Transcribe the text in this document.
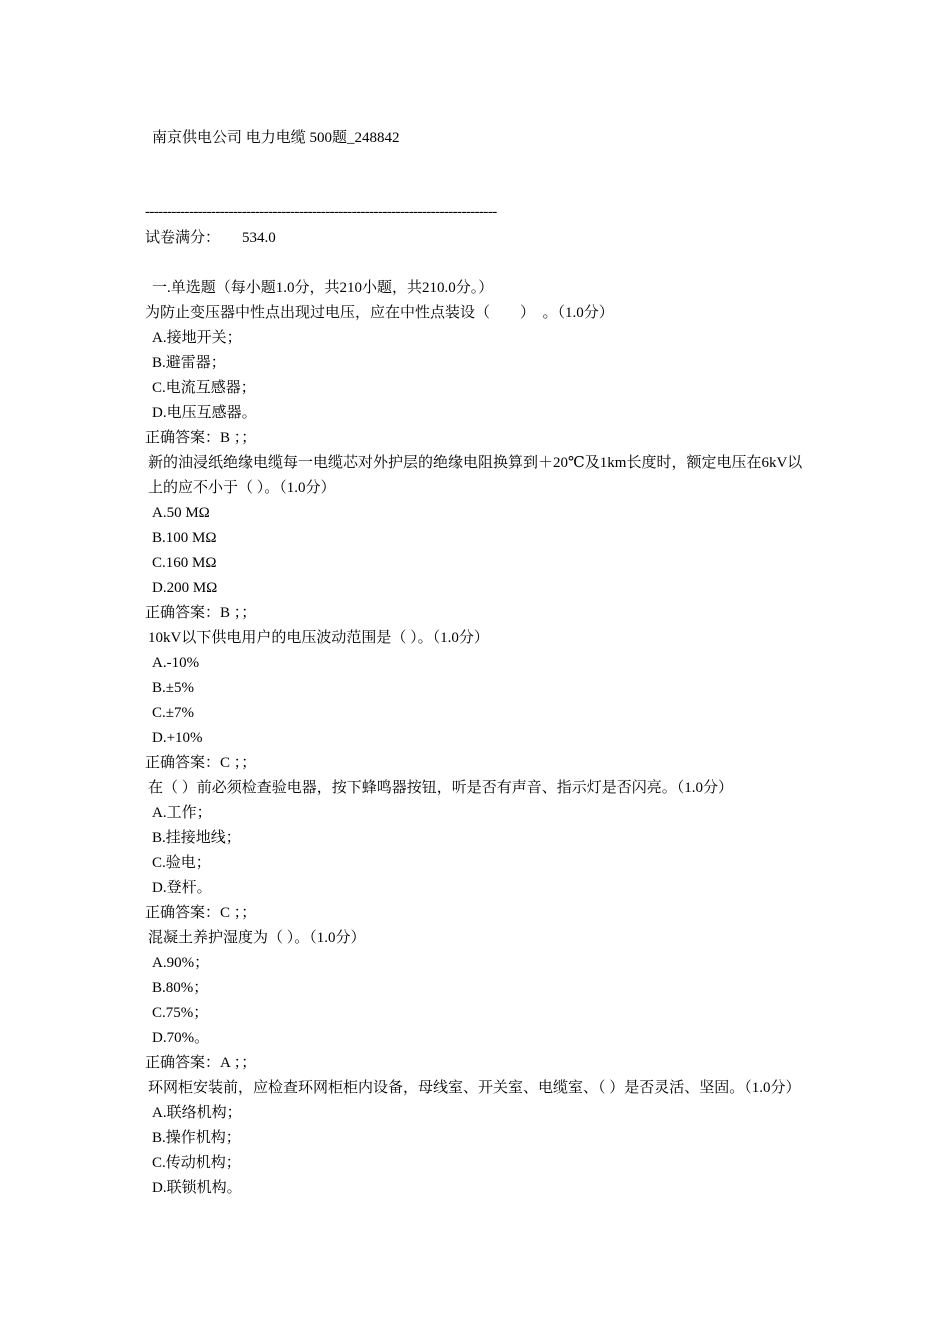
南京供电公司 电力电缆 500题_248842
--------------------------------------------------------------------------------
试卷满分： 534.0
一.单选题（每小题1.0分，共210小题，共210.0分。）
为防止变压器中性点出现过电压，应在中性点装设（　　）　。（1.0分）
A.接地开关；
B.避雷器；
C.电流互感器；
D.电压互感器。
正确答案：B ；；
新的油浸纸绝缘电缆每一电缆芯对外护层的绝缘电阻换算到＋20℃及1km长度时，额定电压在6kV以上的应不小于（ ）。（1.0分）
A.50 MΩ
B.100 MΩ
C.160 MΩ
D.200 MΩ
正确答案：B ；；
10kV以下供电用户的电压波动范围是（ ）。（1.0分）
A.-10%
B.±5%
C.±7%
D.+10%
正确答案：C ；；
在（ ）前必须检查验电器，按下蜂鸣器按钮，听是否有声音、指示灯是否闪亮。（1.0分）
A.工作；
B.挂接地线；
C.验电；
D.登杆。
正确答案：C ；；
混凝土养护湿度为（ ）。（1.0分）
A.90%；
B.80%；
C.75%；
D.70%。
正确答案：A ；；
环网柜安装前，应检查环网柜柜内设备，母线室、开关室、电缆室、（ ）是否灵活、坚固。（1.0分）
A.联络机构；
B.操作机构；
C.传动机构；
D.联锁机构。
